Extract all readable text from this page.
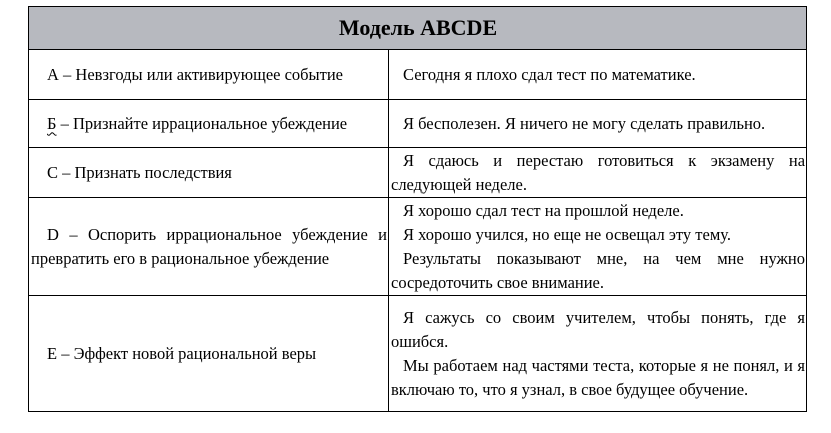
Модель ABCDE	
А – Невзгоды или активирующее событие	Сегодня я плохо сдал тест по математике.

Б – Признайте иррациональное убеждение	Я бесполезен. Я ничего не могу сделать правильно.

С – Признать последствия	Я сдаюсь и перестаю готовиться к экзамену на следующей неделе.

D – Оспорить иррациональное убеждение и превратить его в рациональное убеждение	Я хорошо сдал тест на прошлой неделе.

Я хорошо учился, но еще не освещал эту тему.

Результаты показывают мне, на чем мне нужно сосредоточить свое внимание.

Е – Эффект новой рациональной веры	Я сажусь со своим учителем, чтобы понять, где я ошибся.

Мы работаем над частями теста, которые я не понял, и я включаю то, что я узнал, в свое будущее обучение.
